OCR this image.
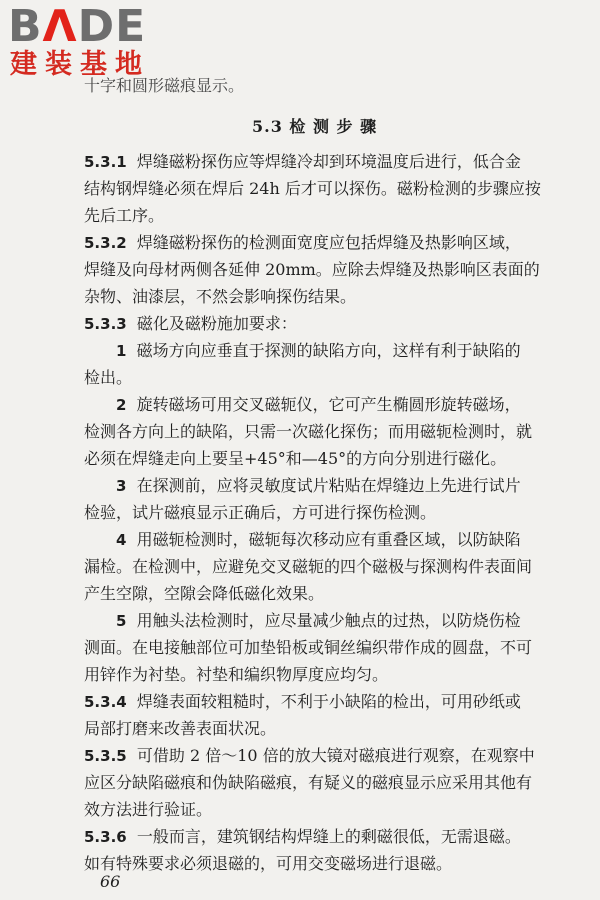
BΛDE
建装基地
十字和圆形磁痕显示。
5.3 检 测 步 骤
5.3.1 焊缝磁粉探伤应等焊缝冷却到环境温度后进行，低合金
结构钢焊缝必须在焊后 24h 后才可以探伤。磁粉检测的步骤应按
先后工序。
5.3.2 焊缝磁粉探伤的检测面宽度应包括焊缝及热影响区域，
焊缝及向母材两侧各延伸 20mm。应除去焊缝及热影响区表面的
杂物、油漆层，不然会影响探伤结果。
5.3.3 磁化及磁粉施加要求：
1 磁场方向应垂直于探测的缺陷方向，这样有利于缺陷的
检出。
2 旋转磁场可用交叉磁轭仪，它可产生椭圆形旋转磁场，
检测各方向上的缺陷，只需一次磁化探伤；而用磁轭检测时，就
必须在焊缝走向上要呈+45°和—45°的方向分别进行磁化。
3 在探测前，应将灵敏度试片粘贴在焊缝边上先进行试片
检验，试片磁痕显示正确后，方可进行探伤检测。
4 用磁轭检测时，磁轭每次移动应有重叠区域，以防缺陷
漏检。在检测中，应避免交叉磁轭的四个磁极与探测构件表面间
产生空隙，空隙会降低磁化效果。
5 用触头法检测时，应尽量减少触点的过热，以防烧伤检
测面。在电接触部位可加垫铅板或铜丝编织带作成的圆盘，不可
用锌作为衬垫。衬垫和编织物厚度应均匀。
5.3.4 焊缝表面较粗糙时，不利于小缺陷的检出，可用砂纸或
局部打磨来改善表面状况。
5.3.5 可借助 2 倍～10 倍的放大镜对磁痕进行观察，在观察中
应区分缺陷磁痕和伪缺陷磁痕，有疑义的磁痕显示应采用其他有
效方法进行验证。
5.3.6 一般而言，建筑钢结构焊缝上的剩磁很低，无需退磁。
如有特殊要求必须退磁的，可用交变磁场进行退磁。
66
